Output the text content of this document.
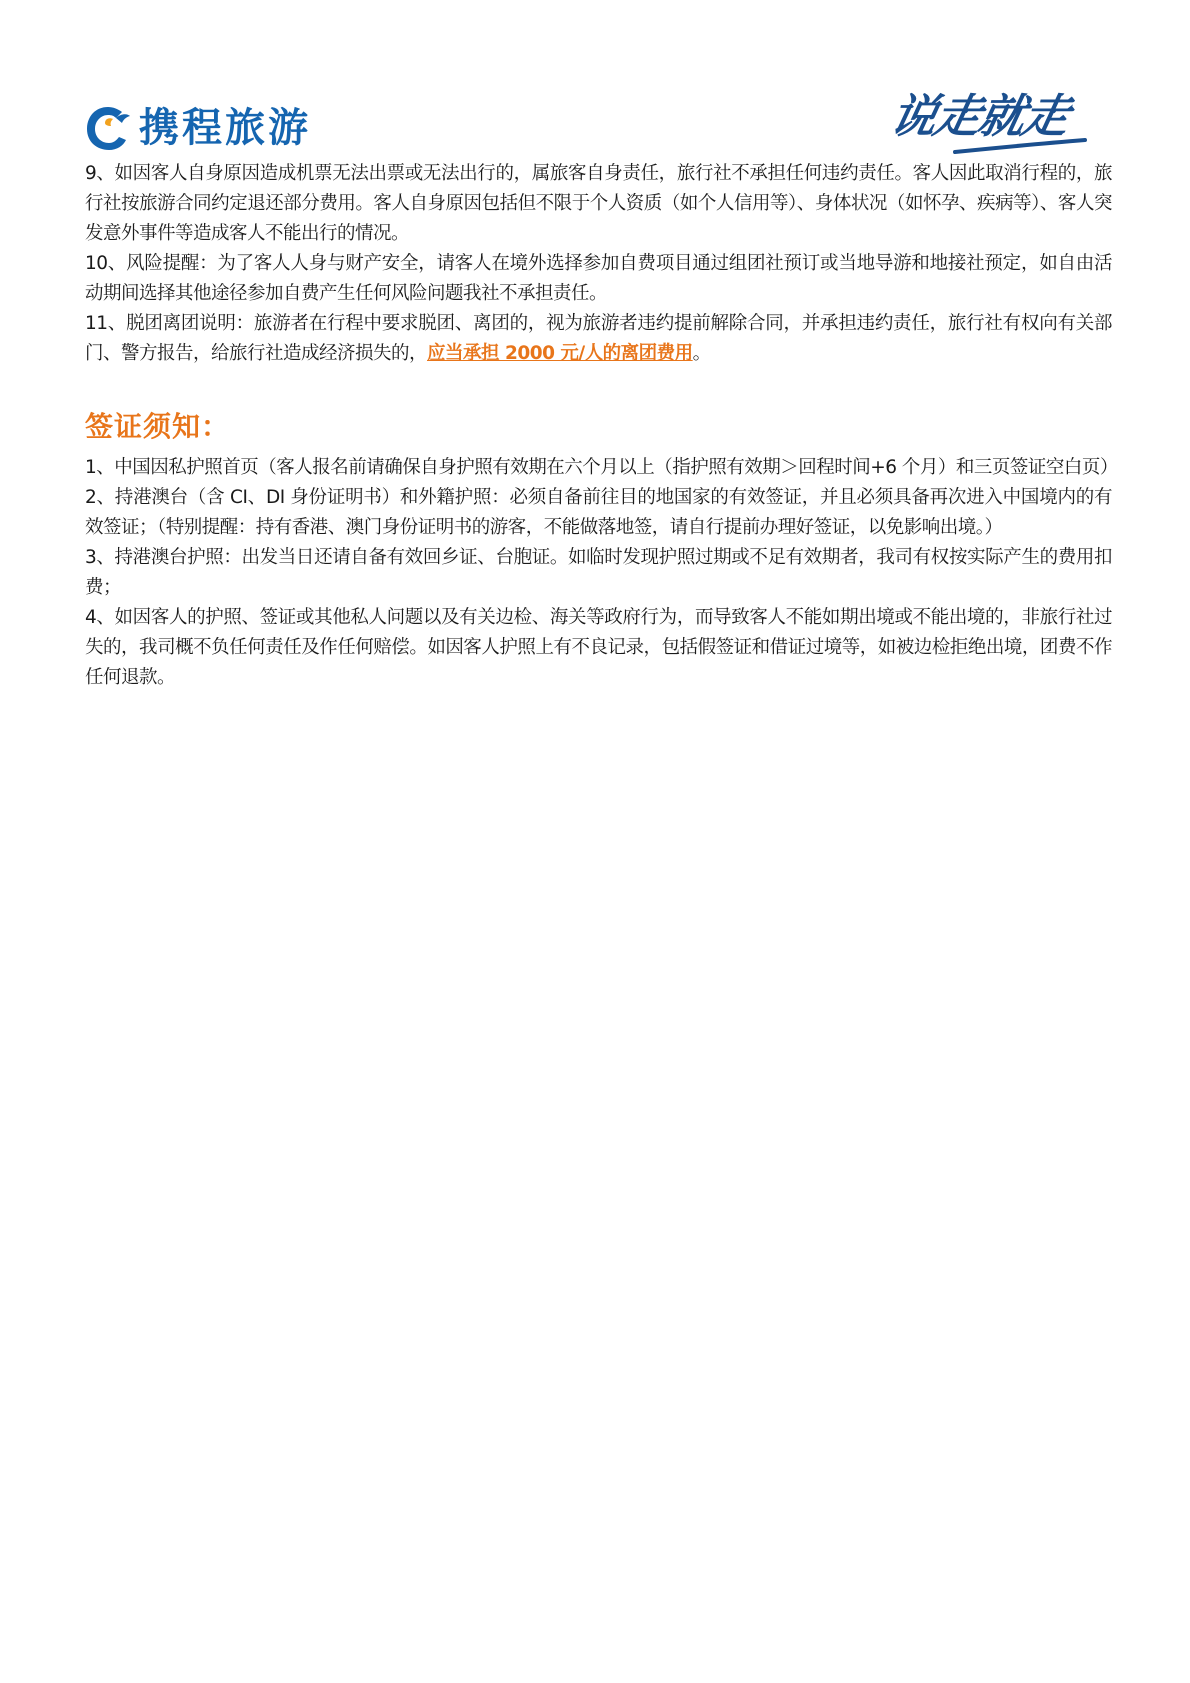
携程旅游	说走就走

9、如因客人自身原因造成机票无法出票或无法出行的，属旅客自身责任，旅行社不承担任何违约责任。客人因此取消行程的，旅行社按旅游合同约定退还部分费用。客人自身原因包括但不限于个人资质（如个人信用等）、身体状况（如怀孕、疾病等）、客人突发意外事件等造成客人不能出行的情况。

10、风险提醒：为了客人人身与财产安全，请客人在境外选择参加自费项目通过组团社预订或当地导游和地接社预定，如自由活动期间选择其他途径参加自费产生任何风险问题我社不承担责任。

11、脱团离团说明：旅游者在行程中要求脱团、离团的，视为旅游者违约提前解除合同，并承担违约责任，旅行社有权向有关部门、警方报告，给旅行社造成经济损失的，应当承担 2000 元/人的离团费用。

签证须知：

1、中国因私护照首页（客人报名前请确保自身护照有效期在六个月以上（指护照有效期＞回程时间+6 个月）和三页签证空白页）

2、持港澳台（含 CI、DI 身份证明书）和外籍护照：必须自备前往目的地国家的有效签证，并且必须具备再次进入中国境内的有效签证；（特别提醒：持有香港、澳门身份证明书的游客，不能做落地签，请自行提前办理好签证，以免影响出境。）

3、持港澳台护照：出发当日还请自备有效回乡证、台胞证。如临时发现护照过期或不足有效期者，我司有权按实际产生的费用扣费；

4、如因客人的护照、签证或其他私人问题以及有关边检、海关等政府行为，而导致客人不能如期出境或不能出境的，非旅行社过失的，我司概不负任何责任及作任何赔偿。如因客人护照上有不良记录，包括假签证和借证过境等，如被边检拒绝出境，团费不作任何退款。
